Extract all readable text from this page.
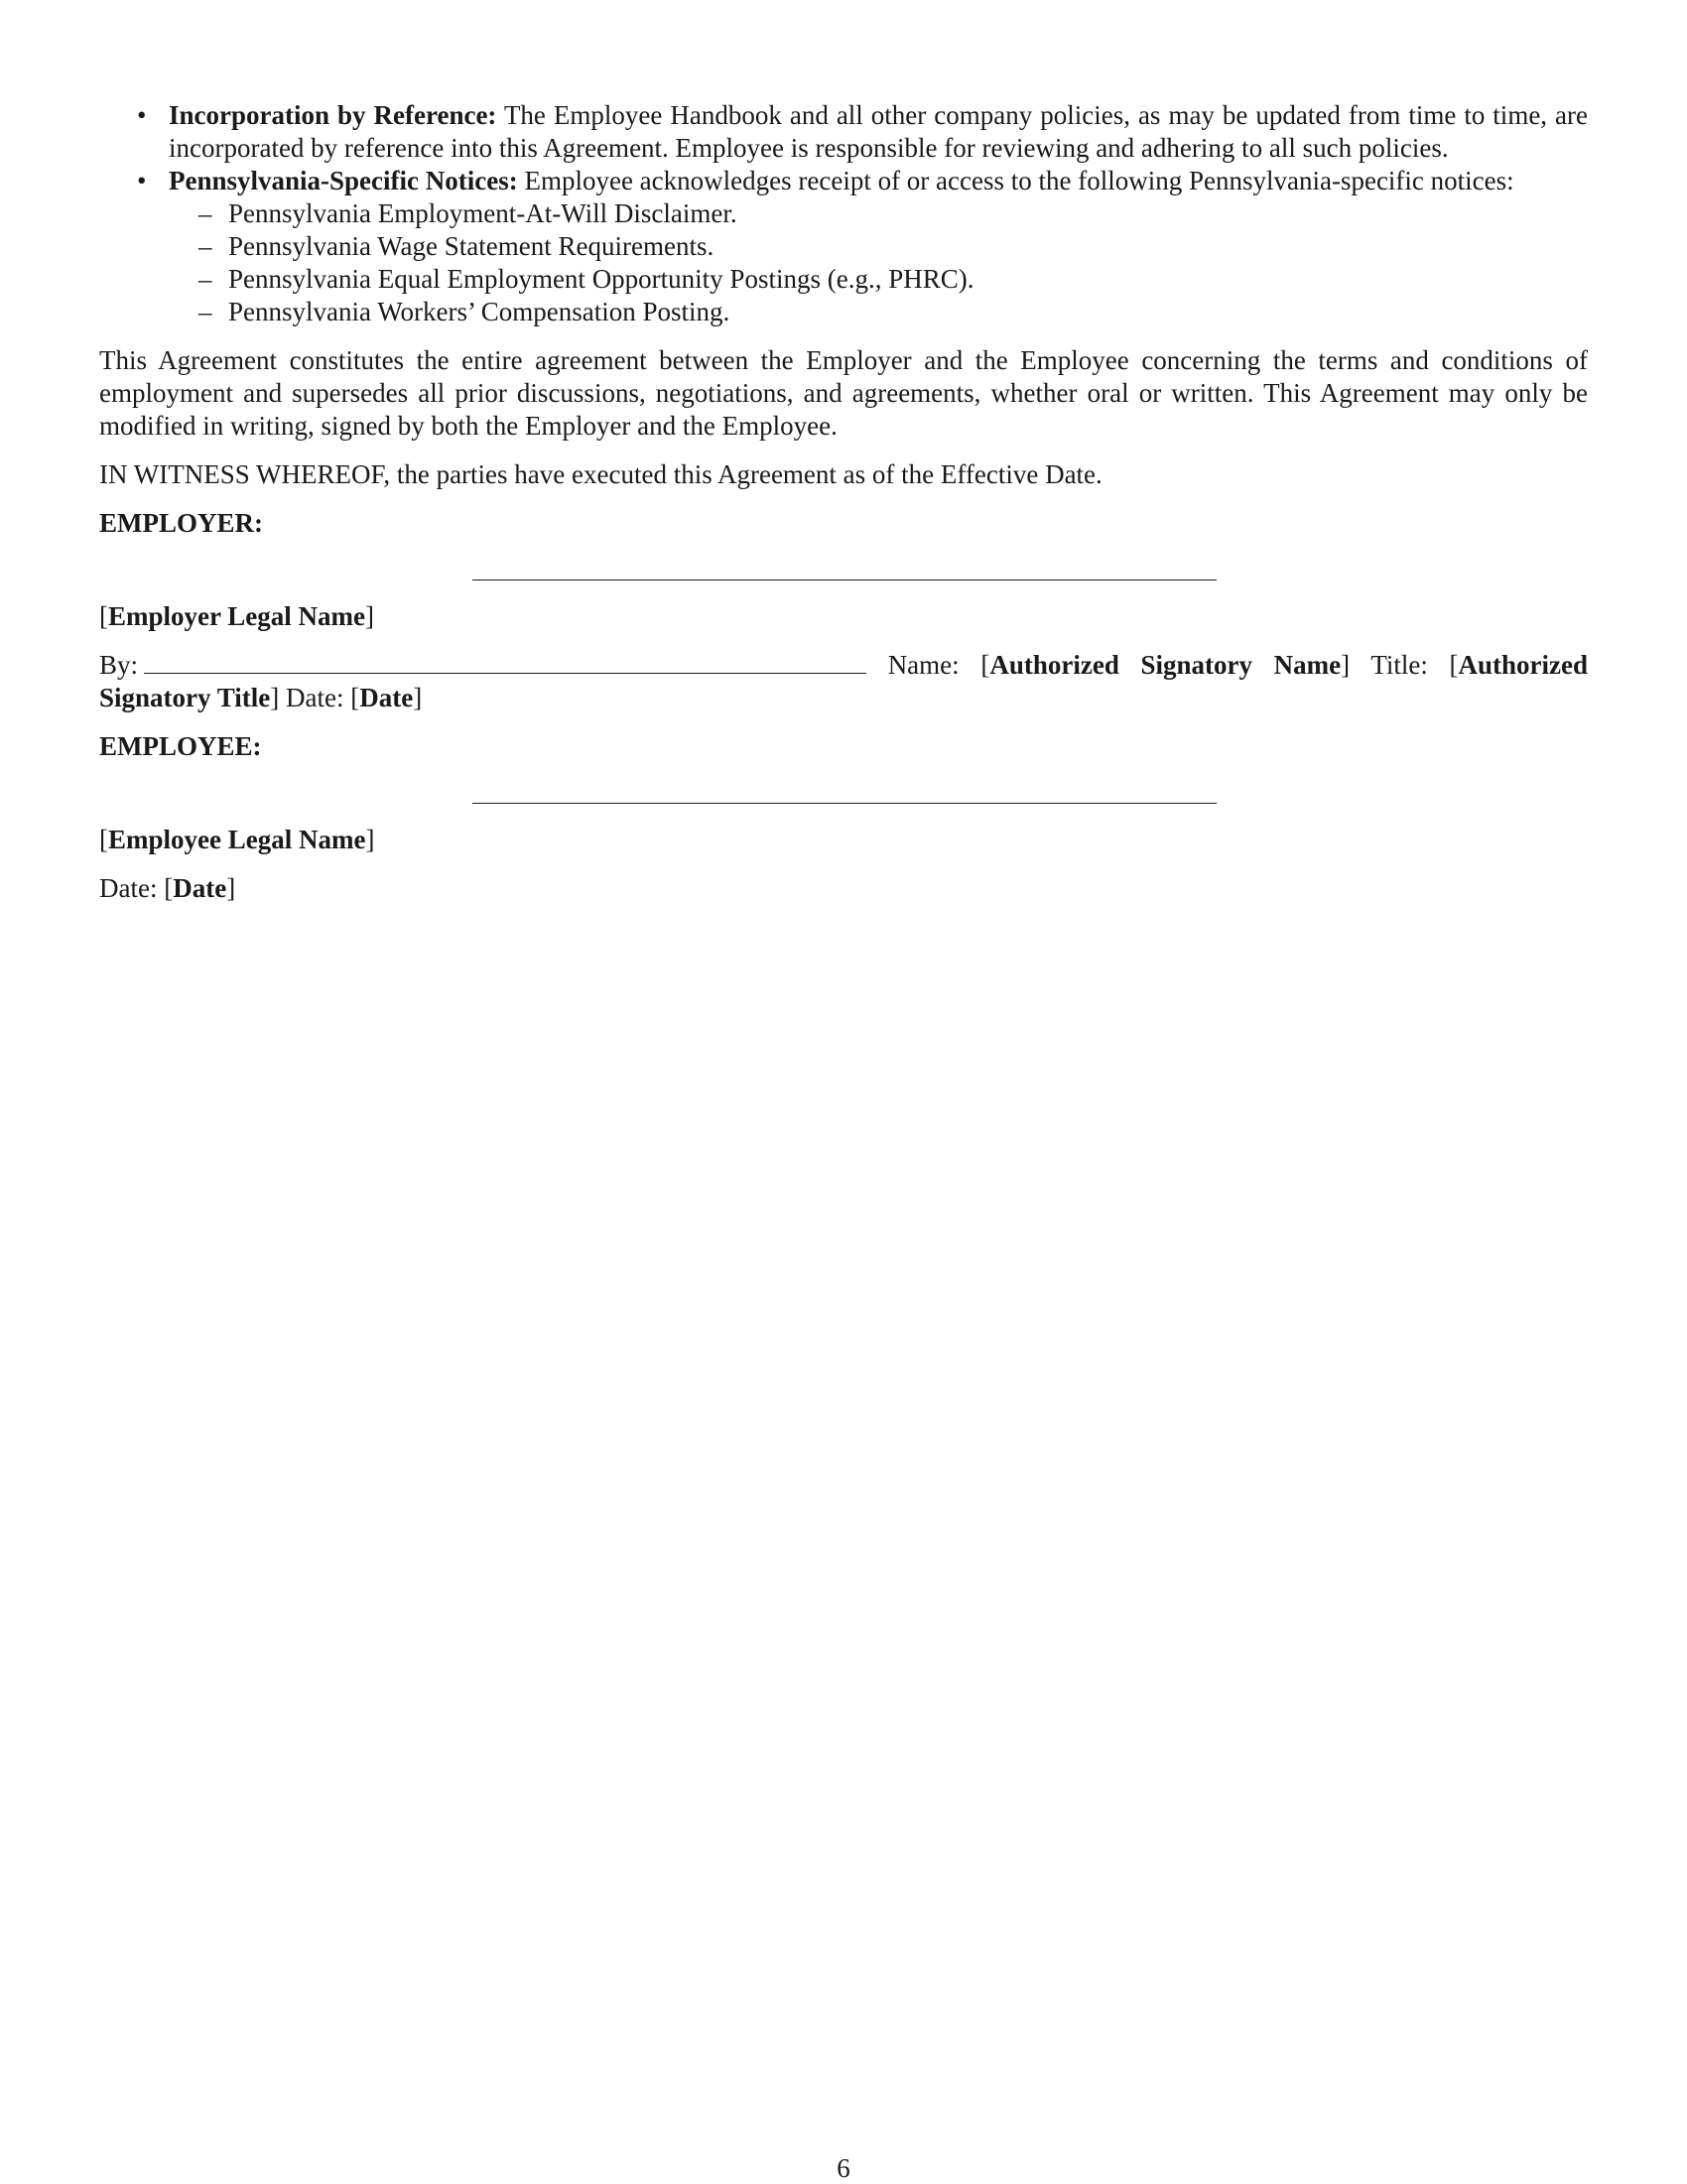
• Incorporation by Reference: The Employee Handbook and all other company policies, as may be updated from time to time, are incorporated by reference into this Agreement. Employee is responsible for reviewing and adhering to all such policies.
• Pennsylvania-Specific Notices: Employee acknowledges receipt of or access to the following Pennsylvania-specific notices:
– Pennsylvania Employment-At-Will Disclaimer.
– Pennsylvania Wage Statement Requirements.
– Pennsylvania Equal Employment Opportunity Postings (e.g., PHRC).
– Pennsylvania Workers’ Compensation Posting.

This Agreement constitutes the entire agreement between the Employer and the Employee concerning the terms and conditions of employment and supersedes all prior discussions, negotiations, and agreements, whether oral or written. This Agreement may only be modified in writing, signed by both the Employer and the Employee.

IN WITNESS WHEREOF, the parties have executed this Agreement as of the Effective Date.

EMPLOYER:
[Employer Legal Name]

By:	Name: [Authorized Signatory Name] Title: [Authorized Signatory Title] Date: [Date]

EMPLOYEE:
[Employee Legal Name]
Date: [Date]
6
